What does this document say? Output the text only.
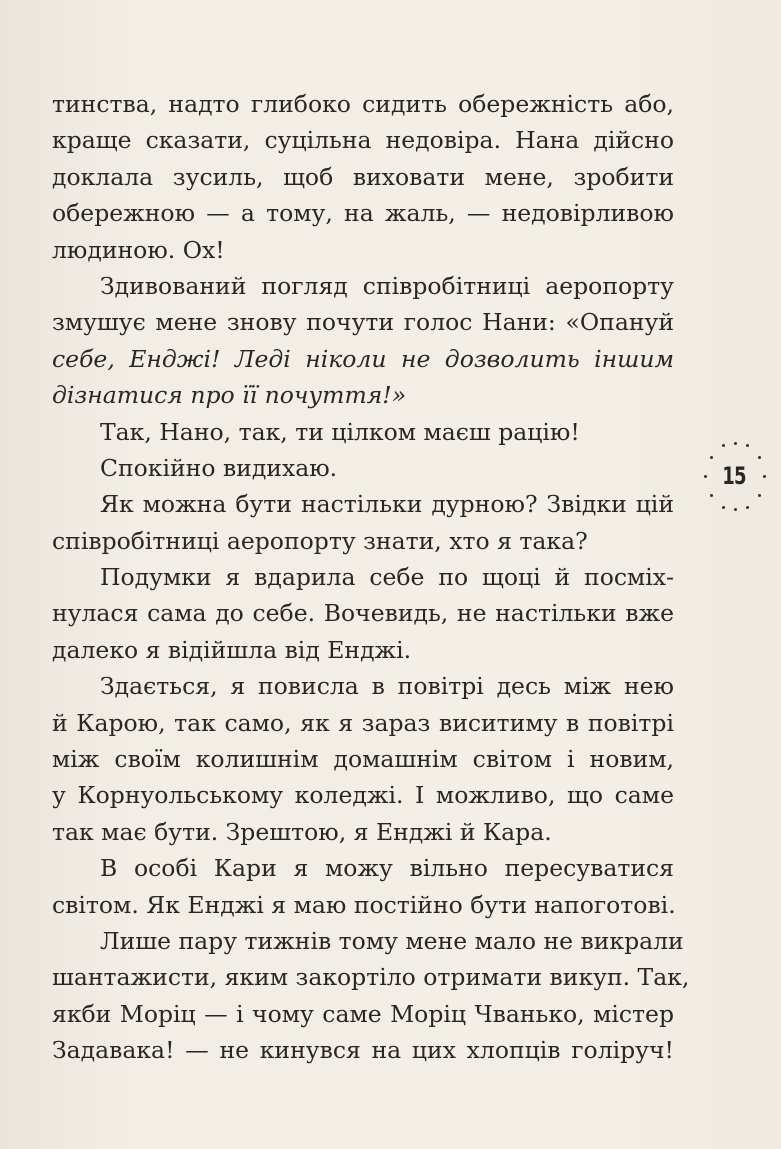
тинства, надто глибоко сидить обережність або,
краще сказати, суцільна недовіра. Нана дійсно
доклала зусиль, щоб виховати мене, зробити
обережною — а тому, на жаль, — недовірливою
людиною. Ох!
Здивований погляд співробітниці аеропорту
змушує мене знову почути голос Нани: «Опануй
себе, Енджі! Леді ніколи не дозволить іншим
дізнатися про її почуття!»
Так, Нано, так, ти цілком маєш рацію!
Спокійно видихаю.
Як можна бути настільки дурною? Звідки цій
співробітниці аеропорту знати, хто я така?
Подумки я вдарила себе по щоці й посміх-
нулася сама до себе. Вочевидь, не настільки вже
далеко я відійшла від Енджі.
Здається, я повисла в повітрі десь між нею
й Карою, так само, як я зараз виситиму в повітрі
між своїм колишнім домашнім світом і новим,
у Корнуольському коледжі. І можливо, що саме
так має бути. Зрештою, я Енджі й Кара.
В особі Кари я можу вільно пересуватися
світом. Як Енджі я маю постійно бути напоготові.
Лише пару тижнів тому мене мало не викрали
шантажисти, яким закортіло отримати викуп. Так,
якби Моріц — і чому саме Моріц Чванько, містер
Задавака! — не кинувся на цих хлопців голіруч!
15
